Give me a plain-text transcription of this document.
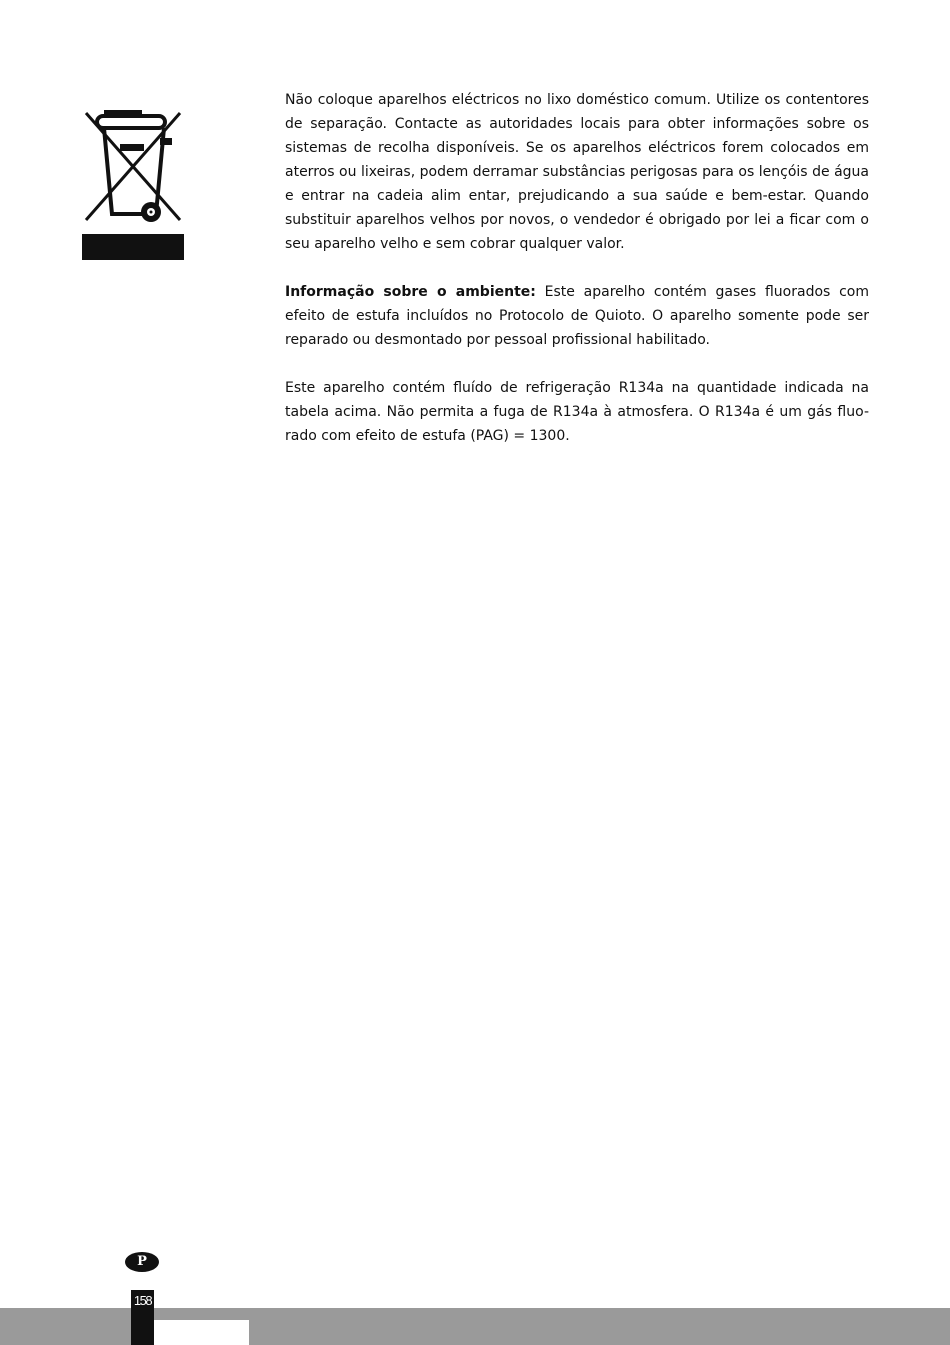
Não coloque aparelhos eléctricos no lixo doméstico comum. Utilize os contentores de separação. Contacte as autoridades locais para obter informações sobre os sistemas de recolha disponíveis. Se os aparelhos eléctricos forem colocados em aterros ou lixeiras, podem derramar substâncias perigosas para os lençóis de água e entrar na cadeia alim entar, prejudicando a sua saúde e bem-estar. Quando substituir aparelhos velhos por novos, o vendedor é obrigado por lei a ficar com o seu aparelho velho e sem cobrar qualquer valor.

Informação sobre o ambiente: Este aparelho contém gases fluorados com efeito de estufa incluídos no Protocolo de Quioto. O aparelho somente pode ser reparado ou desmontado por pessoal profissional habilitado.

Este aparelho contém fluído de refrigeração R134a na quantidade indicada na tabela acima. Não permita a fuga de R134a à atmosfera. O R134a é um gás fluo-rado com efeito de estufa (PAG) = 1300.

P
158
